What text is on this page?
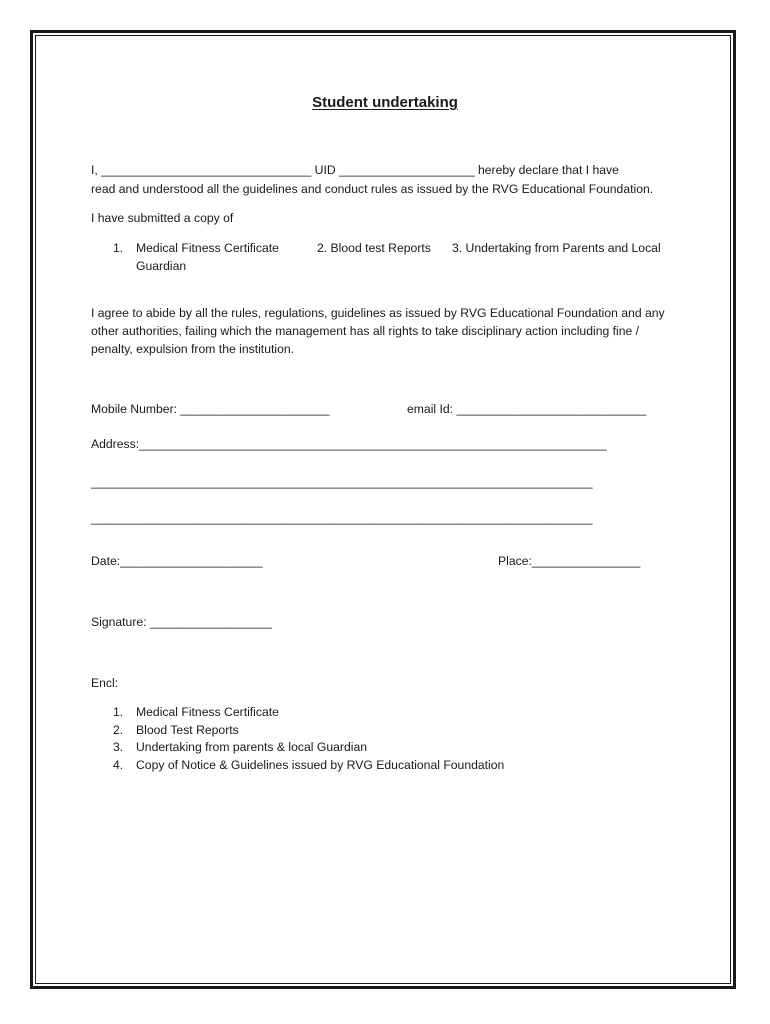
Student undertaking
I, _______________________________ UID ____________________ hereby declare that I have
read and understood all the guidelines and conduct rules as issued by the RVG Educational Foundation.
I have submitted a copy of
1. Medical Fitness Certificate	2. Blood test Reports 3. Undertaking from Parents and Local
Guardian
I agree to abide by all the rules, regulations, guidelines as issued by RVG Educational Foundation and any
other authorities, failing which the management has all rights to take disciplinary action including fine /
penalty, expulsion from the institution.
Mobile Number: ______________________	email Id: ____________________________
Address:_____________________________________________________________________
__________________________________________________________________________
__________________________________________________________________________
Date:_____________________	Place:________________
Signature: __________________
Encl:
1. Medical Fitness Certificate
2. Blood Test Reports
3. Undertaking from parents & local Guardian
4. Copy of Notice & Guidelines issued by RVG Educational Foundation
